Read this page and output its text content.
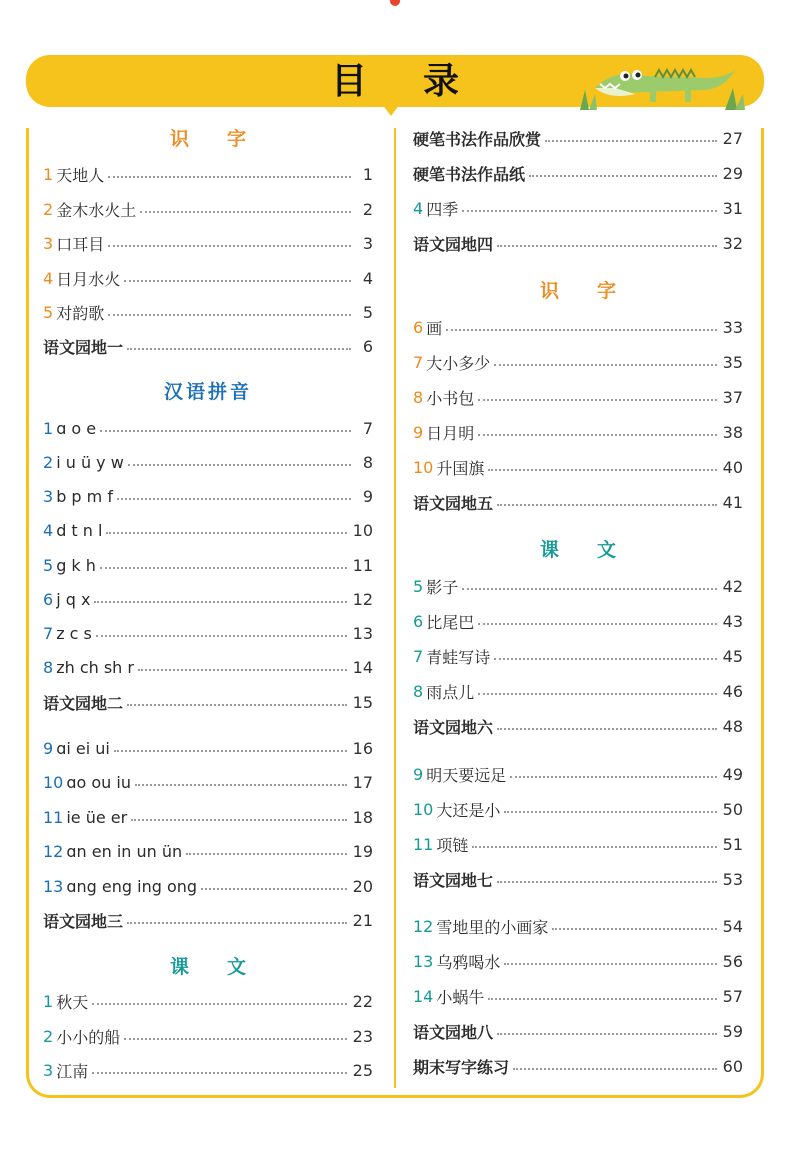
目录
识字
1 天地人	1
2 金木水火土	2
3 口耳目	3
4 日月水火	4
5 对韵歌	5
语文园地一	6
汉语拼音
1 ɑ o e	7
2 i u ü y w	8
3 b p m f	9
4 d t n l	10
5 g k h	11
6 j q x	12
7 z c s	13
8 zh ch sh r	14
语文园地二	15
9 ɑi ei ui	16
10 ɑo ou iu	17
11 ie üe er	18
12 ɑn en in un ün	19
13 ɑng eng ing ong	20
语文园地三	21
课文
1 秋天	22
2 小小的船	23
3 江南	25
硬笔书法作品欣赏	27
硬笔书法作品纸	29
4 四季	31
语文园地四	32
识字
6 画	33
7 大小多少	35
8 小书包	37
9 日月明	38
10 升国旗	40
语文园地五	41
课文
5 影子	42
6 比尾巴	43
7 青蛙写诗	45
8 雨点儿	46
语文园地六	48
9 明天要远足	49
10 大还是小	50
11 项链	51
语文园地七	53
12 雪地里的小画家	54
13 乌鸦喝水	56
14 小蜗牛	57
语文园地八	59
期末写字练习	60
